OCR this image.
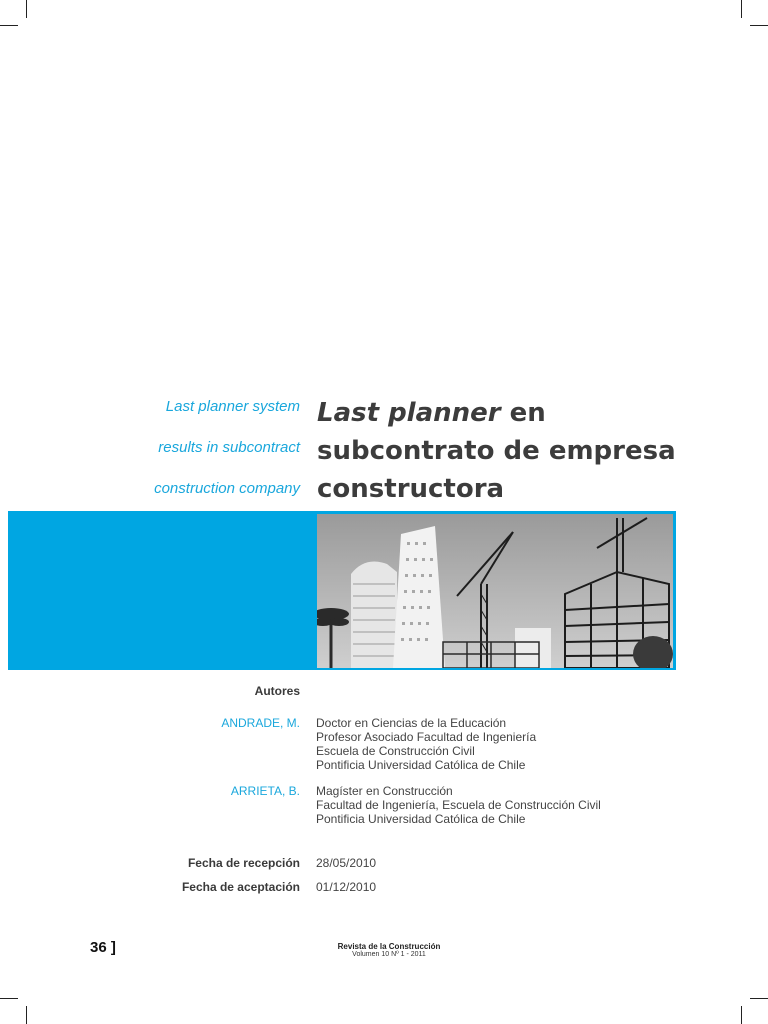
Last planner system
results in subcontract
construction company
Last planner en
subcontrato de empresa
constructora
Autores
ANDRADE, M. Doctor en Ciencias de la Educación
Profesor Asociado Facultad de Ingeniería
Escuela de Construcción Civil
Pontificia Universidad Católica de Chile
ARRIETA, B. Magíster en Construcción
Facultad de Ingeniería, Escuela de Construcción Civil
Pontificia Universidad Católica de Chile
Fecha de recepción 28/05/2010
Fecha de aceptación 01/12/2010
36 ]	Revista de la Construcción
Volumen 10 Nº 1 - 2011
